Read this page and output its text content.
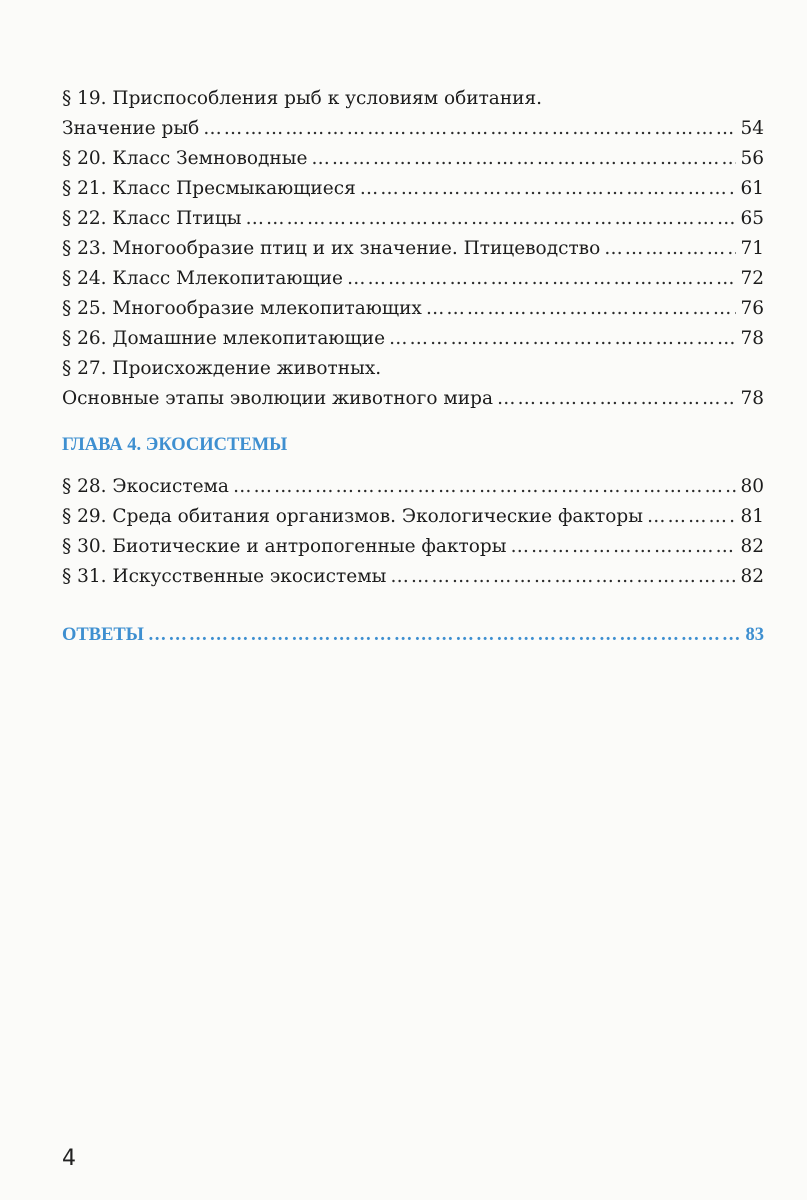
§ 19. Приспособления рыб к условиям обитания.
Значение рыб …………………………………………………………………………………………………………………………………………………………………………………………	54
§ 20. Класс Земноводные …………………………………………………………………………………………………………………………………………………………………………………………	56
§ 21. Класс Пресмыкающиеся …………………………………………………………………………………………………………………………………………………………………………………………	61
§ 22. Класс Птицы …………………………………………………………………………………………………………………………………………………………………………………………	65
§ 23. Многообразие птиц и их значение. Птицеводство …………………………………………………………………………………………………………………………………………………………………………………………	71
§ 24. Класс Млекопитающие …………………………………………………………………………………………………………………………………………………………………………………………	72
§ 25. Многообразие млекопитающих …………………………………………………………………………………………………………………………………………………………………………………………	76
§ 26. Домашние млекопитающие …………………………………………………………………………………………………………………………………………………………………………………………	78
§ 27. Происхождение животных.
Основные этапы эволюции животного мира …………………………………………………………………………………………………………………………………………………………………………………………	78
ГЛАВА 4. ЭКОСИСТЕМЫ
§ 28. Экосистема …………………………………………………………………………………………………………………………………………………………………………………………	80
§ 29. Среда обитания организмов. Экологические факторы …………………………………………………………………………………………………………………………………………………………………………………………	81
§ 30. Биотические и антропогенные факторы …………………………………………………………………………………………………………………………………………………………………………………………	82
§ 31. Искусственные экосистемы …………………………………………………………………………………………………………………………………………………………………………………………	82
ОТВЕТЫ …………………………………………………………………………………………………………………………………………………………………………………………	83
4
